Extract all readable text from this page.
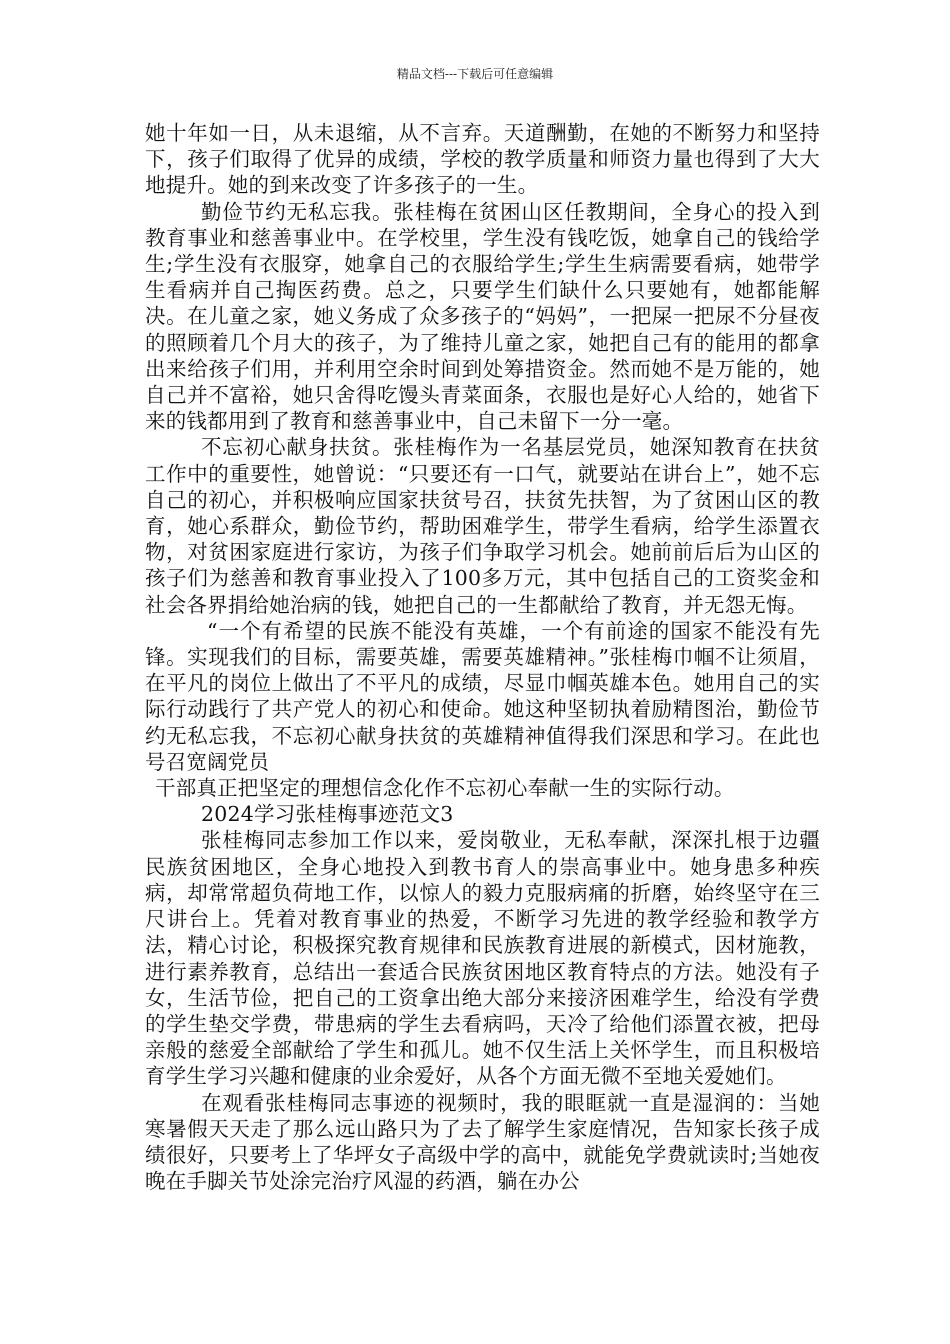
精品文档---下载后可任意编辑

她十年如一日，从未退缩，从不言弃。天道酬勤，在她的不断努力和坚持下，孩子们取得了优异的成绩，学校的教学质量和师资力量也得到了大大地提升。她的到来改变了许多孩子的一生。

勤俭节约无私忘我。张桂梅在贫困山区任教期间，全身心的投入到教育事业和慈善事业中。在学校里，学生没有钱吃饭，她拿自己的钱给学生;学生没有衣服穿，她拿自己的衣服给学生;学生生病需要看病，她带学生看病并自己掏医药费。总之，只要学生们缺什么只要她有，她都能解决。在儿童之家，她义务成了众多孩子的“妈妈”，一把屎一把尿不分昼夜的照顾着几个月大的孩子，为了维持儿童之家，她把自己有的能用的都拿出来给孩子们用，并利用空余时间到处筹措资金。然而她不是万能的，她自己并不富裕，她只舍得吃馒头青菜面条，衣服也是好心人给的，她省下来的钱都用到了教育和慈善事业中，自己未留下一分一毫。

不忘初心献身扶贫。张桂梅作为一名基层党员，她深知教育在扶贫工作中的重要性，她曾说：“只要还有一口气，就要站在讲台上”，她不忘自己的初心，并积极响应国家扶贫号召，扶贫先扶智，为了贫困山区的教育，她心系群众，勤俭节约，帮助困难学生，带学生看病，给学生添置衣物，对贫困家庭进行家访，为孩子们争取学习机会。她前前后后为山区的孩子们为慈善和教育事业投入了100多万元，其中包括自己的工资奖金和社会各界捐给她治病的钱，她把自己的一生都献给了教育，并无怨无悔。

“一个有希望的民族不能没有英雄，一个有前途的国家不能没有先锋。实现我们的目标，需要英雄，需要英雄精神。”张桂梅巾帼不让须眉，在平凡的岗位上做出了不平凡的成绩，尽显巾帼英雄本色。她用自己的实际行动践行了共产党人的初心和使命。她这种坚韧执着励精图治，勤俭节约无私忘我，不忘初心献身扶贫的英雄精神值得我们深思和学习。在此也号召宽阔党员

干部真正把坚定的理想信念化作不忘初心奉献一生的实际行动。

2024学习张桂梅事迹范文3

张桂梅同志参加工作以来，爱岗敬业，无私奉献，深深扎根于边疆民族贫困地区，全身心地投入到教书育人的崇高事业中。她身患多种疾病，却常常超负荷地工作，以惊人的毅力克服病痛的折磨，始终坚守在三尺讲台上。凭着对教育事业的热爱，不断学习先进的教学经验和教学方法，精心讨论，积极探究教育规律和民族教育进展的新模式，因材施教，进行素养教育，总结出一套适合民族贫困地区教育特点的方法。她没有子女，生活节俭，把自己的工资拿出绝大部分来接济困难学生，给没有学费的学生垫交学费，带患病的学生去看病吗，天冷了给他们添置衣被，把母亲般的慈爱全部献给了学生和孤儿。她不仅生活上关怀学生，而且积极培育学生学习兴趣和健康的业余爱好，从各个方面无微不至地关爱她们。

在观看张桂梅同志事迹的视频时，我的眼眶就一直是湿润的：当她寒暑假天天走了那么远山路只为了去了解学生家庭情况，告知家长孩子成绩很好，只要考上了华坪女子高级中学的高中，就能免学费就读时;当她夜晚在手脚关节处涂完治疗风湿的药酒，躺在办公
